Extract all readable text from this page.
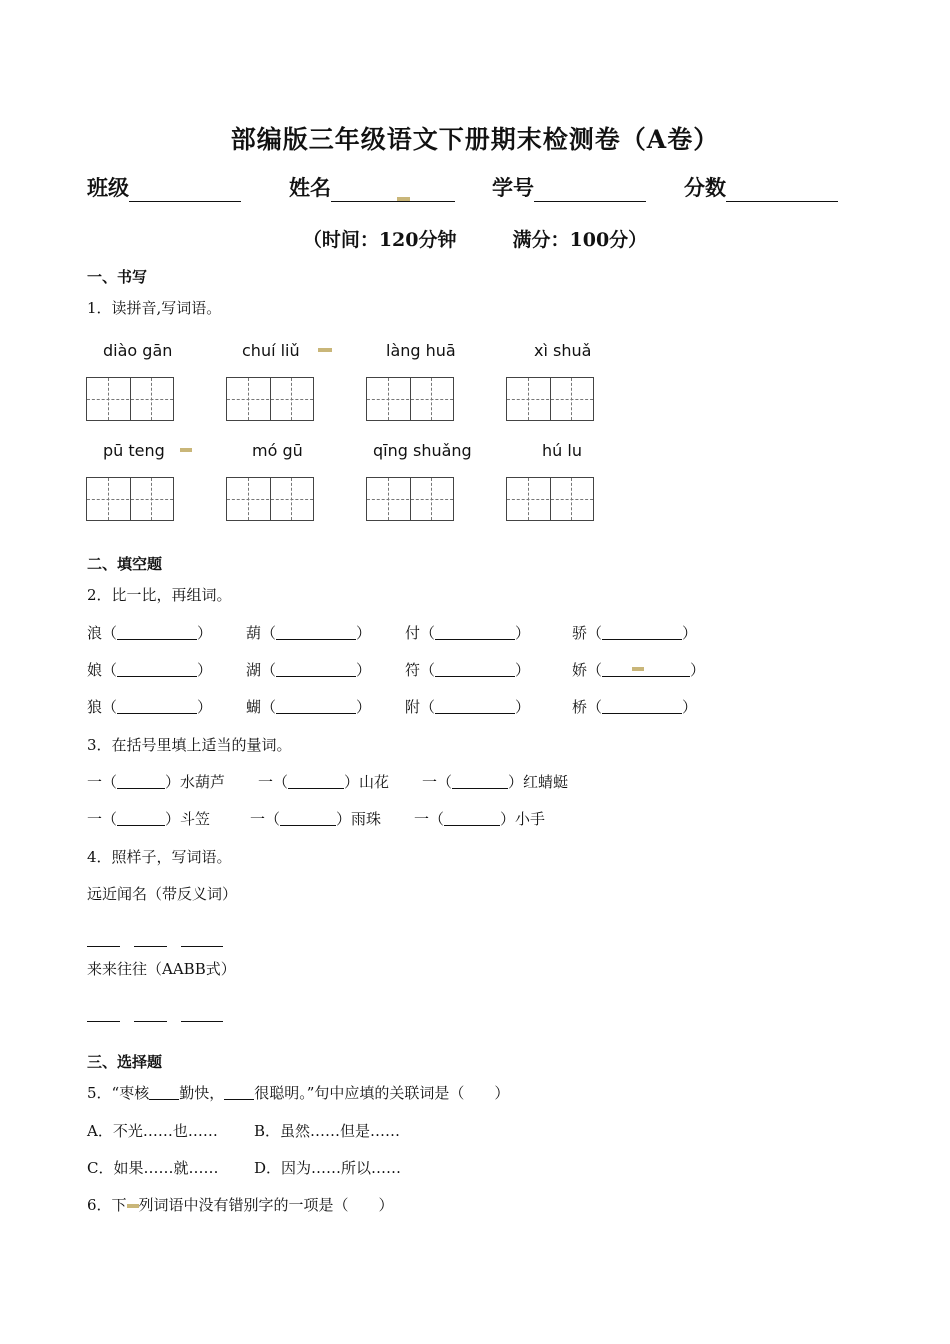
部编版三年级语文下册期末检测卷（A卷）
班级	姓名	学号	分数
（时间：120分钟	满分：100分）
一、书写
1．读拼音,写词语。
diào gān	chuí liǔ	làng huā	xì shuǎ
pū teng	mó gū	qīng shuǎng	hú lu
二、填空题
2．比一比，再组词。
浪（	） 葫（	） 付（	）	骄（	）
娘（	） 湖（	） 符（	）	娇（	）
狼（	） 蝴（	） 附（	）	桥（	）
3．在括号里填上适当的量词。
一（	）水葫芦 一（	）山花 一（	）红蜻蜓
一（	）斗笠	一（	）雨珠 一（	）小手
4．照样子，写词语。
远近闻名（带反义词）
来来往往（AABB式）
三、选择题
5．“枣核 勤快， 很聪明。”句中应填的关联词是（　　）
A．不光……也…… B．虽然……但是……
C．如果……就…… D．因为……所以……
6．下 列词语中没有错别字的一项是（　　）
